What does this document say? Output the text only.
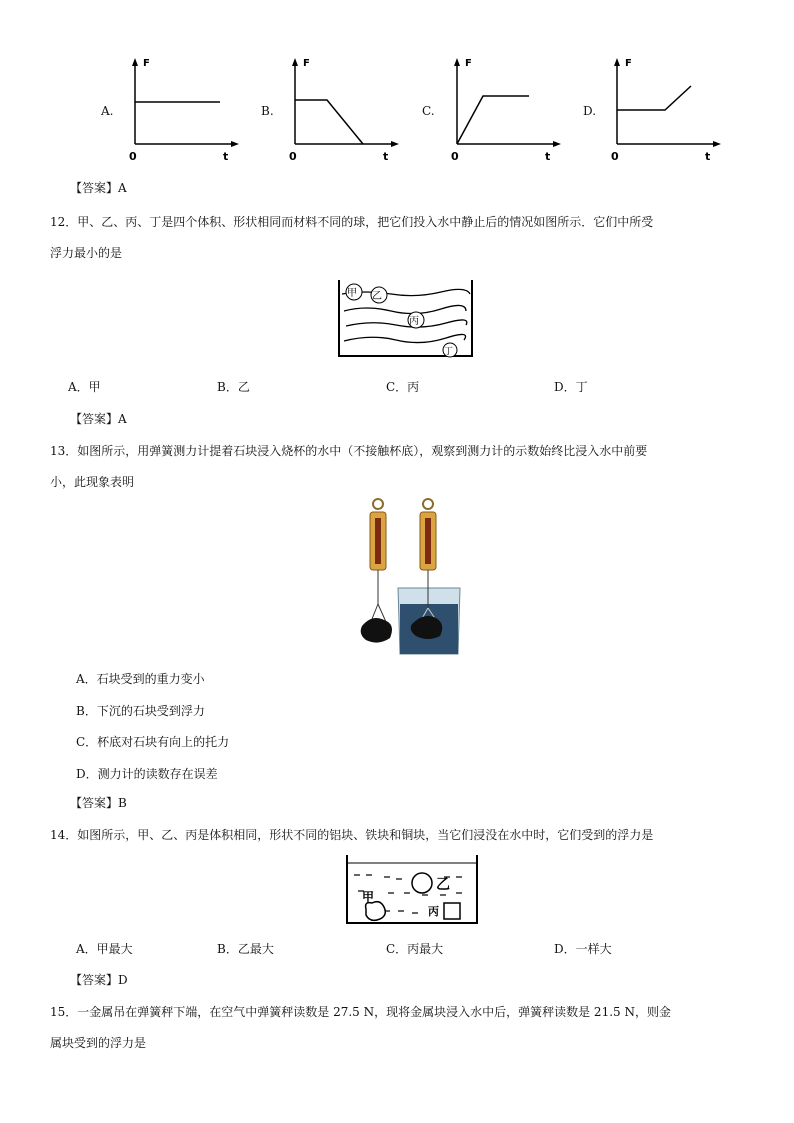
A.
F
0	t
B.
F
0	t
C.
F
0	t
D.
F
0	t
【答案】A
12．甲、乙、丙、丁是四个体积、形状相同而材料不同的球，把它们投入水中静止后的情况如图所示．它们中所受
浮力最小的是
甲 乙
丙
丁
A．甲	B．乙	C．丙	D．丁
【答案】A
13．如图所示，用弹簧测力计提着石块浸入烧杯的水中（不接触杯底），观察到测力计的示数始终比浸入水中前要
小，此现象表明
A．石块受到的重力变小
B．下沉的石块受到浮力
C．杯底对石块有向上的托力
D．测力计的读数存在误差
【答案】B
14．如图所示，甲、乙、丙是体积相同，形状不同的铝块、铁块和铜块，当它们浸没在水中时，它们受到的浮力是
乙
甲
丙
A．甲最大	B．乙最大	C．丙最大	D．一样大
【答案】D
15．一金属吊在弹簧秤下端，在空气中弹簧秤读数是 27.5 N，现将金属块浸入水中后，弹簧秤读数是 21.5 N，则金
属块受到的浮力是
